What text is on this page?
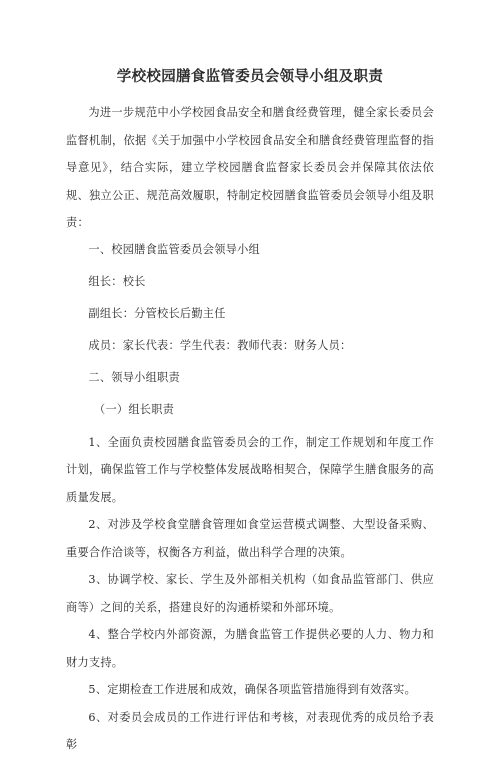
学校校园膳食监管委员会领导小组及职责

为进一步规范中小学校园食品安全和膳食经费管理，健全家长委员会监督机制，依据《关于加强中小学校园食品安全和膳食经费管理监督的指导意见》，结合实际，建立学校园膳食监督家长委员会并保障其依法依规、独立公正、规范高效履职，特制定校园膳食监管委员会领导小组及职责：

一、校园膳食监管委员会领导小组

组长：校长

副组长：分管校长后勤主任

成员：家长代表：学生代表：教师代表：财务人员：

二、领导小组职责

（一）组长职责

1、全面负责校园膳食监管委员会的工作，制定工作规划和年度工作计划，确保监管工作与学校整体发展战略相契合，保障学生膳食服务的高质量发展。

2、对涉及学校食堂膳食管理如食堂运营模式调整、大型设备采购、重要合作洽谈等，权衡各方利益，做出科学合理的决策。

3、协调学校、家长、学生及外部相关机构（如食品监管部门、供应商等）之间的关系，搭建良好的沟通桥梁和外部环境。

4、整合学校内外部资源，为膳食监管工作提供必要的人力、物力和财力支持。

5、定期检查工作进展和成效，确保各项监管措施得到有效落实。

6、对委员会成员的工作进行评估和考核，对表现优秀的成员给予表彰
